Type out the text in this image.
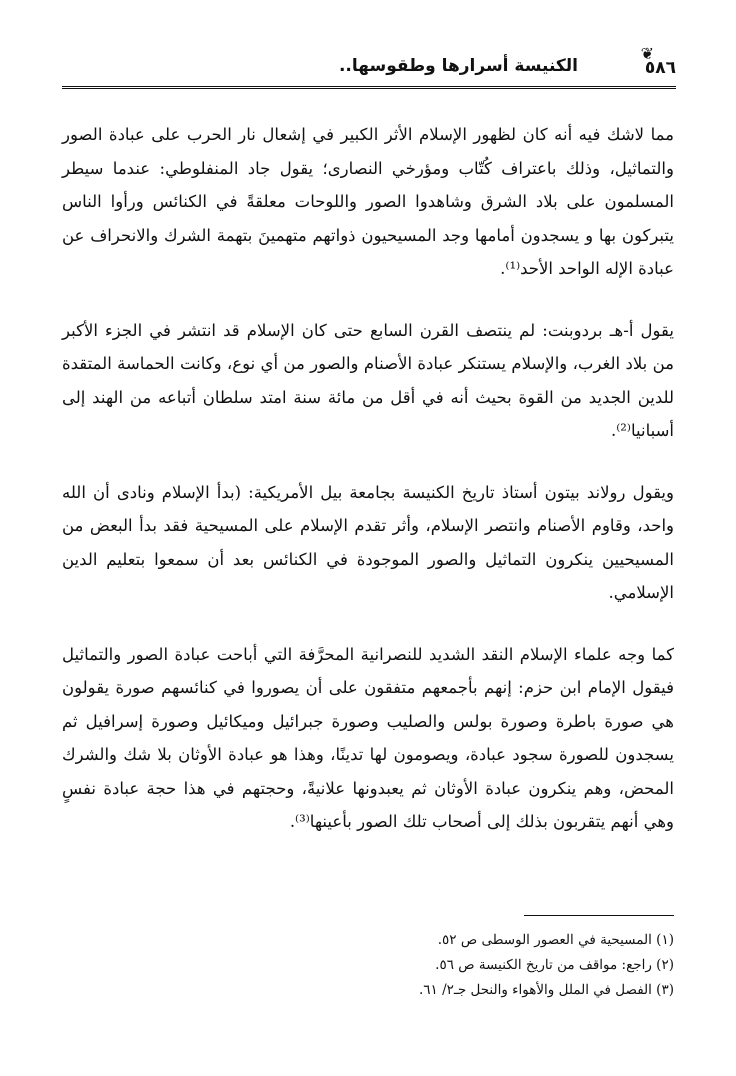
٥٨٦
❦
الكنيسة أسرارها وطقوسها..

مما لاشك فيه أنه كان لظهور الإسلام الأثر الكبير في إشعال نار الحرب على عبادة الصور والتماثيل، وذلك باعتراف كُتّاب ومؤرخي النصارى؛ يقول جاد المنفلوطي: عندما سيطر المسلمون على بلاد الشرق وشاهدوا الصور واللوحات معلقةً في الكنائس ورأوا الناس يتبركون بها و يسجدون أمامها وجد المسيحيون ذواتهم متهمينَ بتهمة الشرك والانحراف عن عبادة الإله الواحد الأحد⁽¹⁾.

يقول أ-هـ بردوبنت: لم ينتصف القرن السابع حتى كان الإسلام قد انتشر في الجزء الأكبر من بلاد الغرب، والإسلام يستنكر عبادة الأصنام والصور من أي نوع، وكانت الحماسة المتقدة للدين الجديد من القوة بحيث أنه في أقل من مائة سنة امتد سلطان أتباعه من الهند إلى أسبانيا⁽²⁾.

ويقول رولاند بيتون أستاذ تاريخ الكنيسة بجامعة بيل الأمريكية: (بدأ الإسلام ونادى أن الله واحد، وقاوم الأصنام وانتصر الإسلام، وأثر تقدم الإسلام على المسيحية فقد بدأ البعض من المسيحيين ينكرون التماثيل والصور الموجودة في الكنائس بعد أن سمعوا بتعليم الدين الإسلامي.

كما وجه علماء الإسلام النقد الشديد للنصرانية المحرَّفة التي أباحت عبادة الصور والتماثيل فيقول الإمام ابن حزم: إنهم بأجمعهم متفقون على أن يصوروا في كنائسهم صورة يقولون هي صورة باطرة وصورة بولس والصليب وصورة جبرائيل وميكائيل وصورة إسرافيل ثم يسجدون للصورة سجود عبادة، ويصومون لها تدينًا، وهذا هو عبادة الأوثان بلا شك والشرك المحض، وهم ينكرون عبادة الأوثان ثم يعبدونها علانيةً، وحجتهم في هذا حجة عبادة نفسٍ وهي أنهم يتقربون بذلك إلى أصحاب تلك الصور بأعينها⁽³⁾.

(١) المسيحية في العصور الوسطى ص ٥٢.

(٢) راجع: مواقف من تاريخ الكنيسة ص ٥٦.

(٣) الفصل في الملل والأهواء والنحل جـ٢/ ٦١.
